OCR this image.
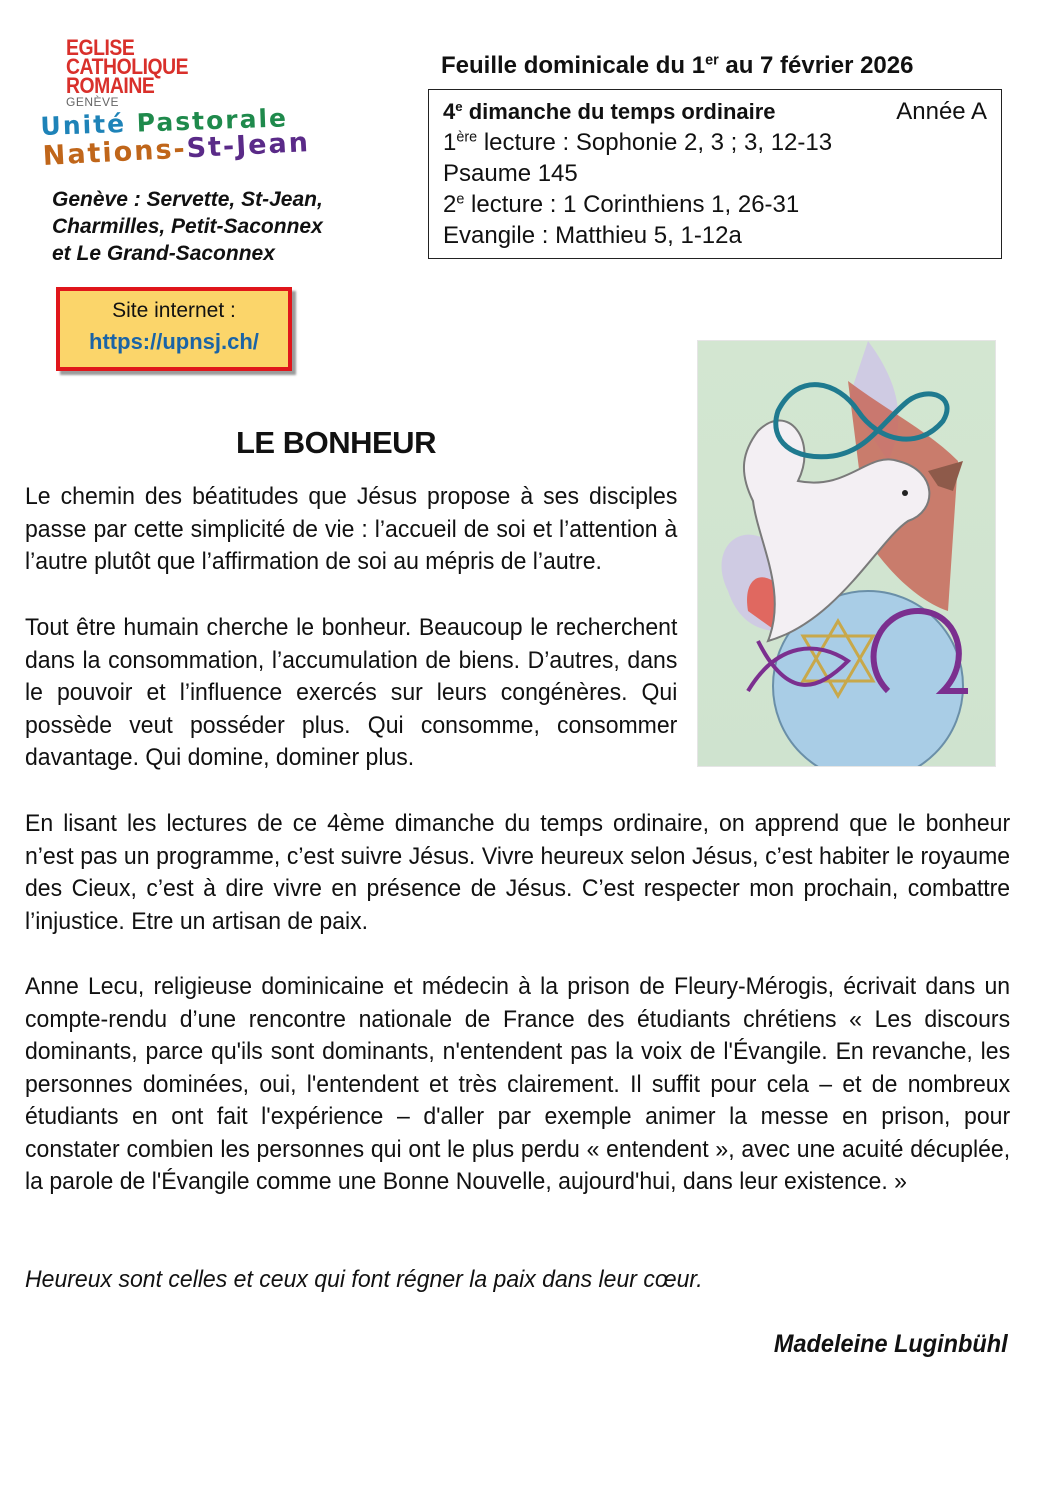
EGLISE
CATHOLIQUE
ROMAINE
GENÈVE
Unité Pastorale
Nations-St-Jean
Genève : Servette, St-Jean,
Charmilles, Petit-Saconnex
et Le Grand-Saconnex
Site internet :
https://upnsj.ch/
Feuille dominicale du 1er au 7 février 2026
4e dimanche du temps ordinaire	Année A
1ère lecture : Sophonie 2, 3 ; 3, 12-13
Psaume 145
2e lecture : 1 Corinthiens 1, 26-31
Evangile : Matthieu 5, 1-12a
LE BONHEUR

Le chemin des béatitudes que Jésus propose à ses disciples passe par cette simplicité de vie : l’accueil de soi et l’attention à l’autre plutôt que l’affirmation de soi au mépris de l’autre.

Tout être humain cherche le bonheur. Beaucoup le recherchent dans la consommation, l’accumulation de biens. D’autres, dans le pouvoir et l’influence exercés sur leurs congénères. Qui possède veut posséder plus. Qui consomme, consommer davantage. Qui domine, dominer plus.

En lisant les lectures de ce 4ème dimanche du temps ordinaire, on apprend que le bonheur n’est pas un programme, c’est suivre Jésus. Vivre heureux selon Jésus, c’est habiter le royaume des Cieux, c’est à dire vivre en présence de Jésus. C’est respecter mon prochain, combattre l’injustice. Etre un artisan de paix.

Anne Lecu, religieuse dominicaine et médecin à la prison de Fleury-Mérogis, écrivait dans un compte-rendu d’une rencontre nationale de France des étudiants chrétiens « Les discours dominants, parce qu'ils sont dominants, n'entendent pas la voix de l'Évangile. En revanche, les personnes dominées, oui, l'entendent et très clairement. Il suffit pour cela – et de nombreux étudiants en ont fait l'expérience – d'aller par exemple animer la messe en prison, pour constater combien les personnes qui ont le plus perdu « entendent », avec une acuité décuplée, la parole de l'Évangile comme une Bonne Nouvelle, aujourd'hui, dans leur existence. »

Heureux sont celles et ceux qui font régner la paix dans leur cœur.

Madeleine Luginbühl
